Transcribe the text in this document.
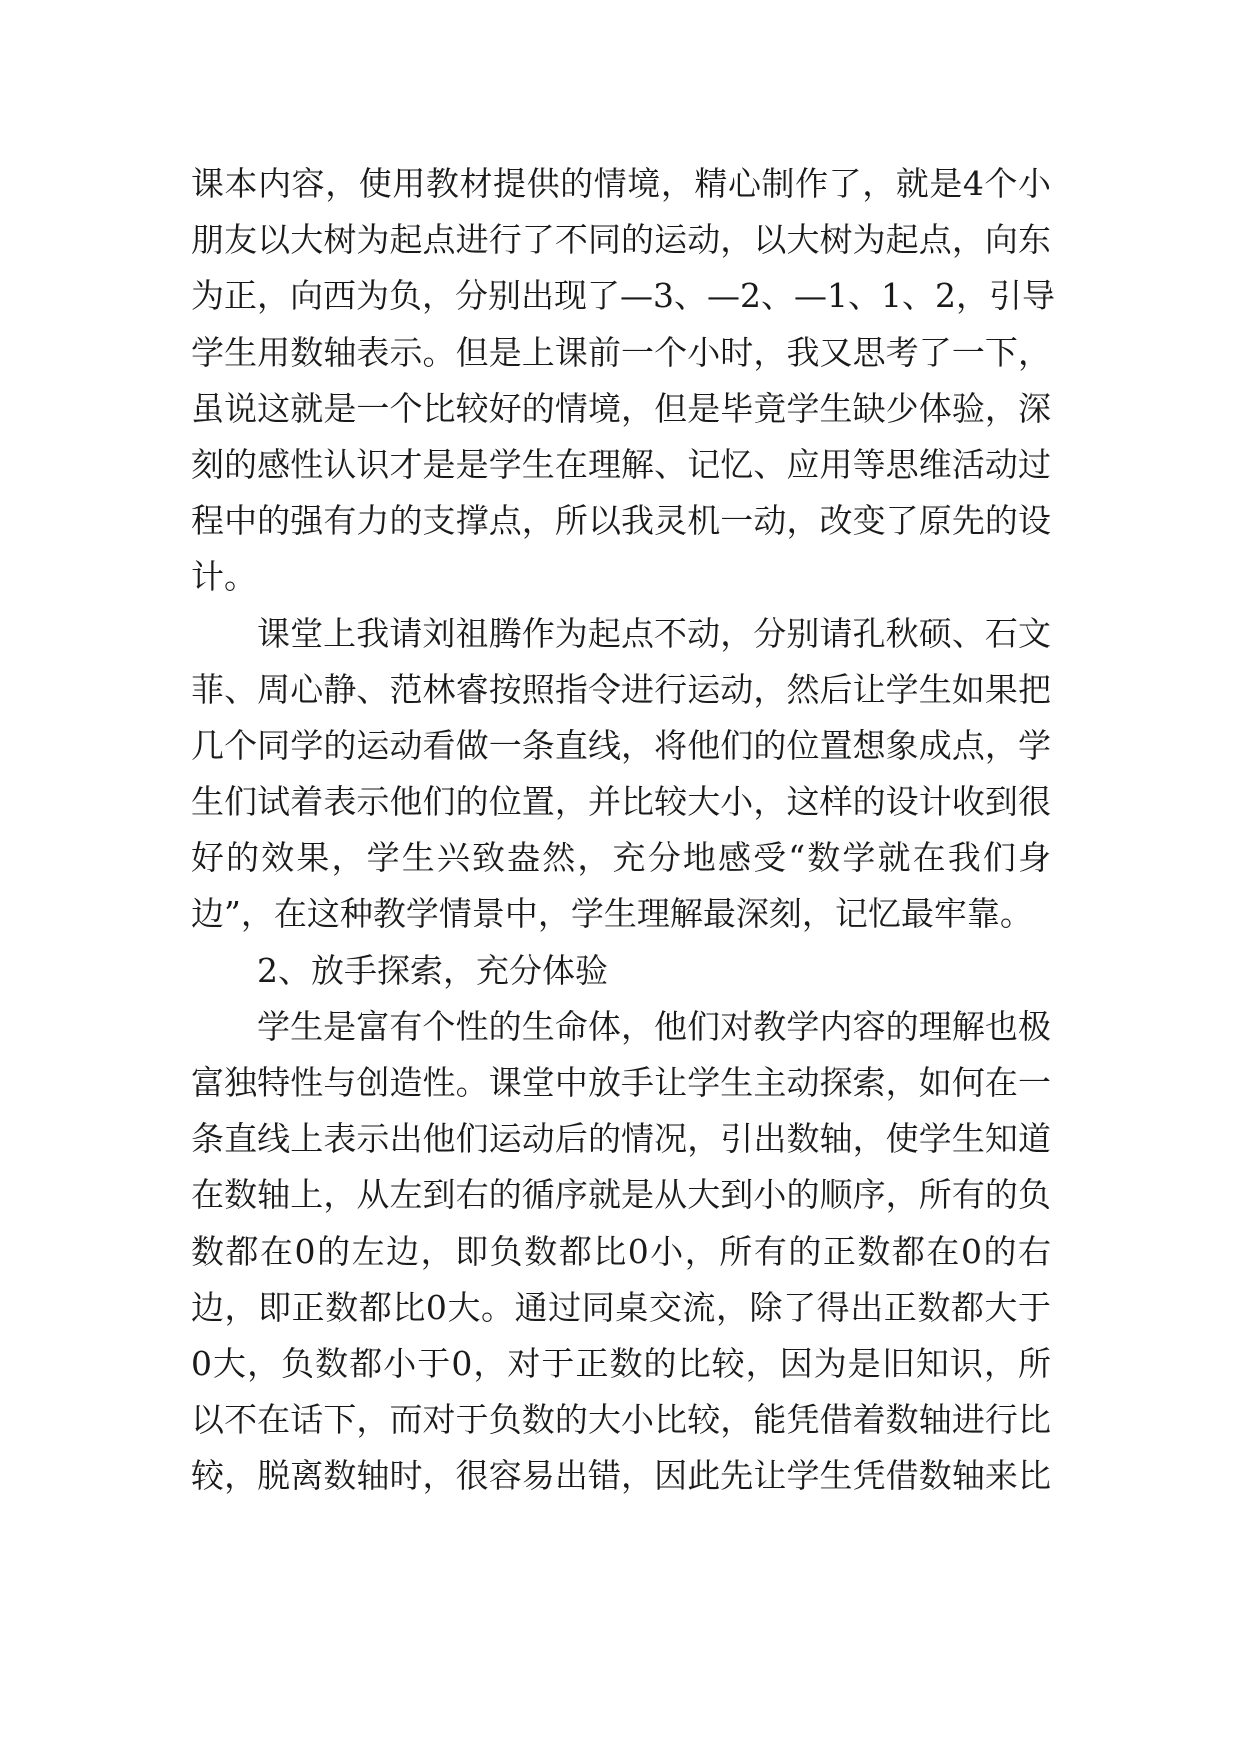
课本内容，使用教材提供的情境，精心制作了，就是4个小
朋友以大树为起点进行了不同的运动，以大树为起点，向东
为正，向西为负，分别出现了—3、—2、—1、1、2，引导
学生用数轴表示。但是上课前一个小时，我又思考了一下，
虽说这就是一个比较好的情境，但是毕竟学生缺少体验，深
刻的感性认识才是是学生在理解、记忆、应用等思维活动过
程中的强有力的支撑点，所以我灵机一动，改变了原先的设
计。
课堂上我请刘祖腾作为起点不动，分别请孔秋硕、石文
菲、周心静、范林睿按照指令进行运动，然后让学生如果把
几个同学的运动看做一条直线，将他们的位置想象成点，学
生们试着表示他们的位置，并比较大小，这样的设计收到很
好的效果，学生兴致盎然，充分地感受“数学就在我们身
边”，在这种教学情景中，学生理解最深刻，记忆最牢靠。
2、放手探索，充分体验
学生是富有个性的生命体，他们对教学内容的理解也极
富独特性与创造性。课堂中放手让学生主动探索，如何在一
条直线上表示出他们运动后的情况，引出数轴，使学生知道
在数轴上，从左到右的循序就是从大到小的顺序，所有的负
数都在0的左边，即负数都比0小，所有的正数都在0的右
边，即正数都比0大。通过同桌交流，除了得出正数都大于
0大，负数都小于0，对于正数的比较，因为是旧知识，所
以不在话下，而对于负数的大小比较，能凭借着数轴进行比
较，脱离数轴时，很容易出错，因此先让学生凭借数轴来比
